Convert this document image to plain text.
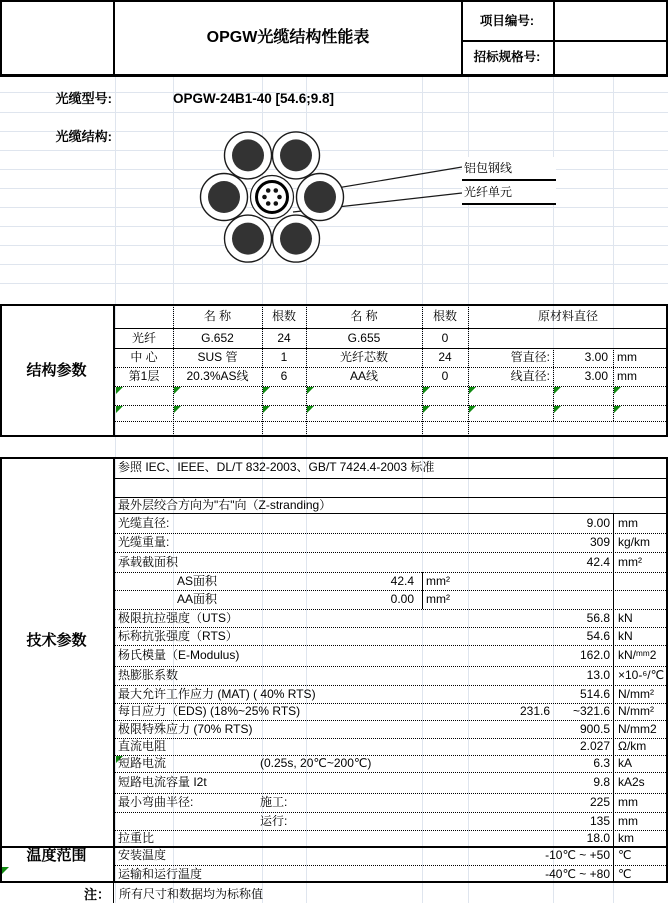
OPGW光缆结构性能表
项目编号:
招标规格号:
光缆型号:	OPGW-24B1-40 [54.6;9.8]
光缆结构:
铝包钢线
光纤单元
结构参数
名 称	根数	名 称	根数	原材料直径
光纤	G.652	24	G.655	0
中 心	SUS 管	1	光纤芯数	24	管直径:	3.00 mm
第1层	20.3%AS线	6	AA线	0	线直径:	3.00 mm
技术参数
参照 IEC、IEEE、DL/T 832-2003、GB/T 7424.4-2003 标准
最外层绞合方向为"右"向（Z-stranding）
光缆直径:	9.00 mm
光缆重量:	309 kg/km
承载截面积	42.4 mm²
AS面积	42.4 mm²
AA面积	0.00 mm²
极限抗拉强度（UTS）	56.8 kN
标称抗张强度（RTS）	54.6 kN
杨氏模量（E-Modulus)	162.0 kN/ᵐᵐ2
热膨胀系数	13.0 ×10-⁶/℃
最大允许工作应力 (MAT) ( 40% RTS)	514.6 N/mm²
每日应力（EDS) (18%~25% RTS)	231.6	~321.6 N/mm²
极限特殊应力 (70% RTS)	900.5 N/mm2
直流电阻	2.027 Ω/km
短路电流	(0.25s, 20℃~200℃)	6.3 kA
短路电流容量 I2t	9.8 kA2s
最小弯曲半径:	施工:	225 mm
运行:	135 mm
拉重比	18.0 km
温度范围	安装温度	-10℃ ~ +50 ℃
运输和运行温度	-40℃ ~ +80 ℃
注： 所有尺寸和数据均为标称值
